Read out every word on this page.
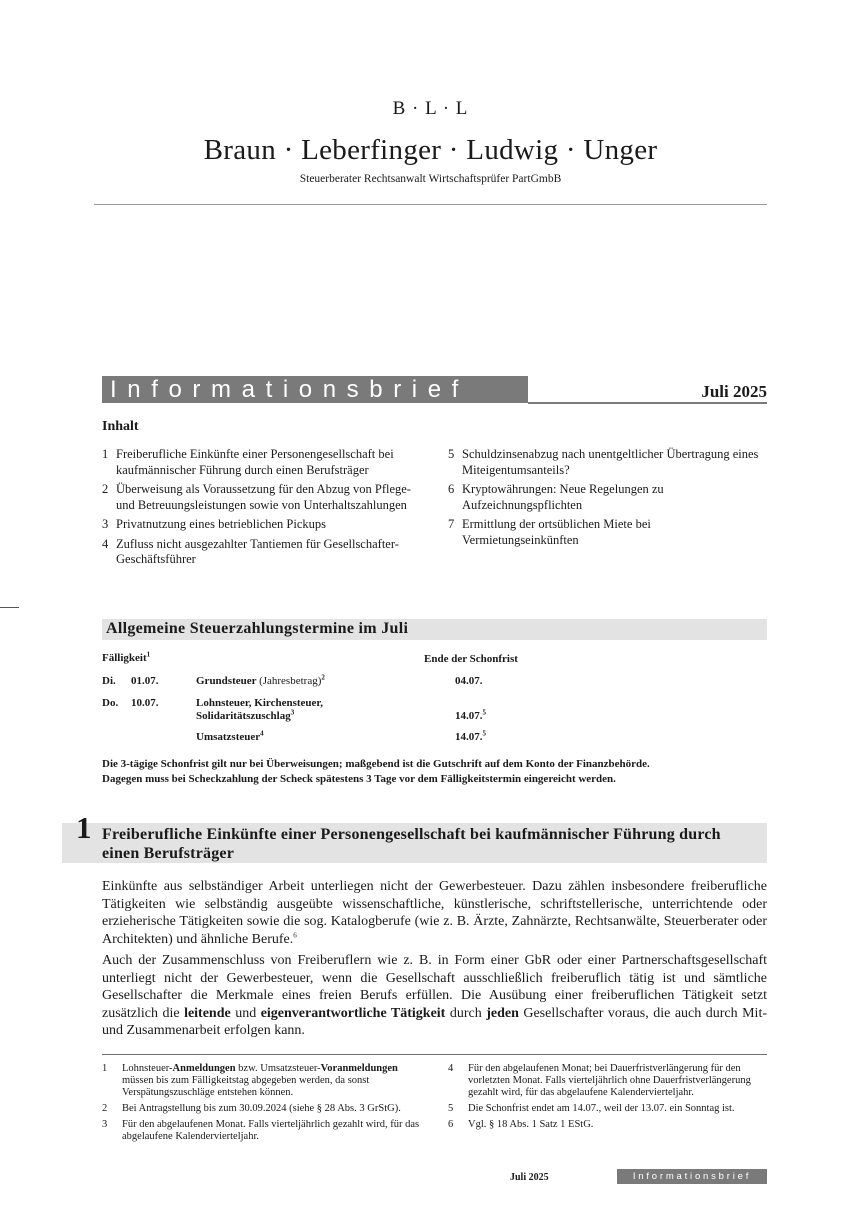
B · L · L
Braun · Leberfinger · Ludwig · Unger
Steuerberater Rechtsanwalt Wirtschaftsprüfer PartGmbB
Informationsbrief	Juli 2025
Inhalt
1 Freiberufliche Einkünfte einer Personengesellschaft bei kaufmännischer Führung durch einen Berufsträger
2 Überweisung als Voraussetzung für den Abzug von Pflege- und Betreuungsleistungen sowie von Unterhaltszahlungen
3 Privatnutzung eines betrieblichen Pickups
4 Zufluss nicht ausgezahlter Tantiemen für Gesellschafter-Geschäftsführer
5 Schuldzinsenabzug nach unentgeltlicher Übertragung eines Miteigentumsanteils?
6 Kryptowährungen: Neue Regelungen zu Aufzeichnungspflichten
7 Ermittlung der ortsüblichen Miete bei Vermietungseinkünften
Allgemeine Steuerzahlungstermine im Juli
Fälligkeit$^1$	Ende der Schonfrist
Di. 01.07.	Grundsteuer (Jahresbetrag)$^2$	04.07.
Do. 10.07.	Lohnsteuer, Kirchensteuer,
Solidaritätszuschlag$^3$	14.07.$^5$
Umsatzsteuer$^4$	14.07.$^5$
Die 3-tägige Schonfrist gilt nur bei Überweisungen; maßgebend ist die Gutschrift auf dem Konto der Finanzbehörde.
Dagegen muss bei Scheckzahlung der Scheck spätestens 3 Tage vor dem Fälligkeitstermin eingereicht werden.
1 Freiberufliche Einkünfte einer Personengesellschaft bei kaufmännischer Führung durch einen Berufsträger
Einkünfte aus selbständiger Arbeit unterliegen nicht der Gewerbesteuer. Dazu zählen insbesondere freiberufliche Tätigkeiten wie selbständig ausgeübte wissenschaftliche, künstlerische, schriftstellerische, unterrichtende oder erzieherische Tätigkeiten sowie die sog. Katalogberufe (wie z. B. Ärzte, Zahnärzte, Rechtsanwälte, Steuerberater oder Architekten) und ähnliche Berufe.$^6$
Auch der Zusammenschluss von Freiberuflern wie z. B. in Form einer GbR oder einer Partnerschaftsgesellschaft unterliegt nicht der Gewerbesteuer, wenn die Gesellschaft ausschließlich freiberuflich tätig ist und sämtliche Gesellschafter die Merkmale eines freien Berufs erfüllen. Die Ausübung einer freiberuflichen Tätigkeit setzt zusätzlich die leitende und eigenverantwortliche Tätigkeit durch jeden Gesellschafter voraus, die auch durch Mit- und Zusammenarbeit erfolgen kann.
1	Lohnsteuer-Anmeldungen bzw. Umsatzsteuer-Voranmeldungen müssen bis zum Fälligkeitstag abgegeben werden, da sonst Verspätungszuschläge entstehen können.
2	Bei Antragstellung bis zum 30.09.2024 (siehe § 28 Abs. 3 GrStG).
3	Für den abgelaufenen Monat. Falls vierteljährlich gezahlt wird, für das abgelaufene Kalendervierteljahr.
4	Für den abgelaufenen Monat; bei Dauerfristverlängerung für den vorletzten Monat. Falls vierteljährlich ohne Dauerfristverlängerung gezahlt wird, für das abgelaufene Kalendervierteljahr.
5	Die Schonfrist endet am 14.07., weil der 13.07. ein Sonntag ist.
6	Vgl. § 18 Abs. 1 Satz 1 EStG.
Juli 2025	Informationsbrief
